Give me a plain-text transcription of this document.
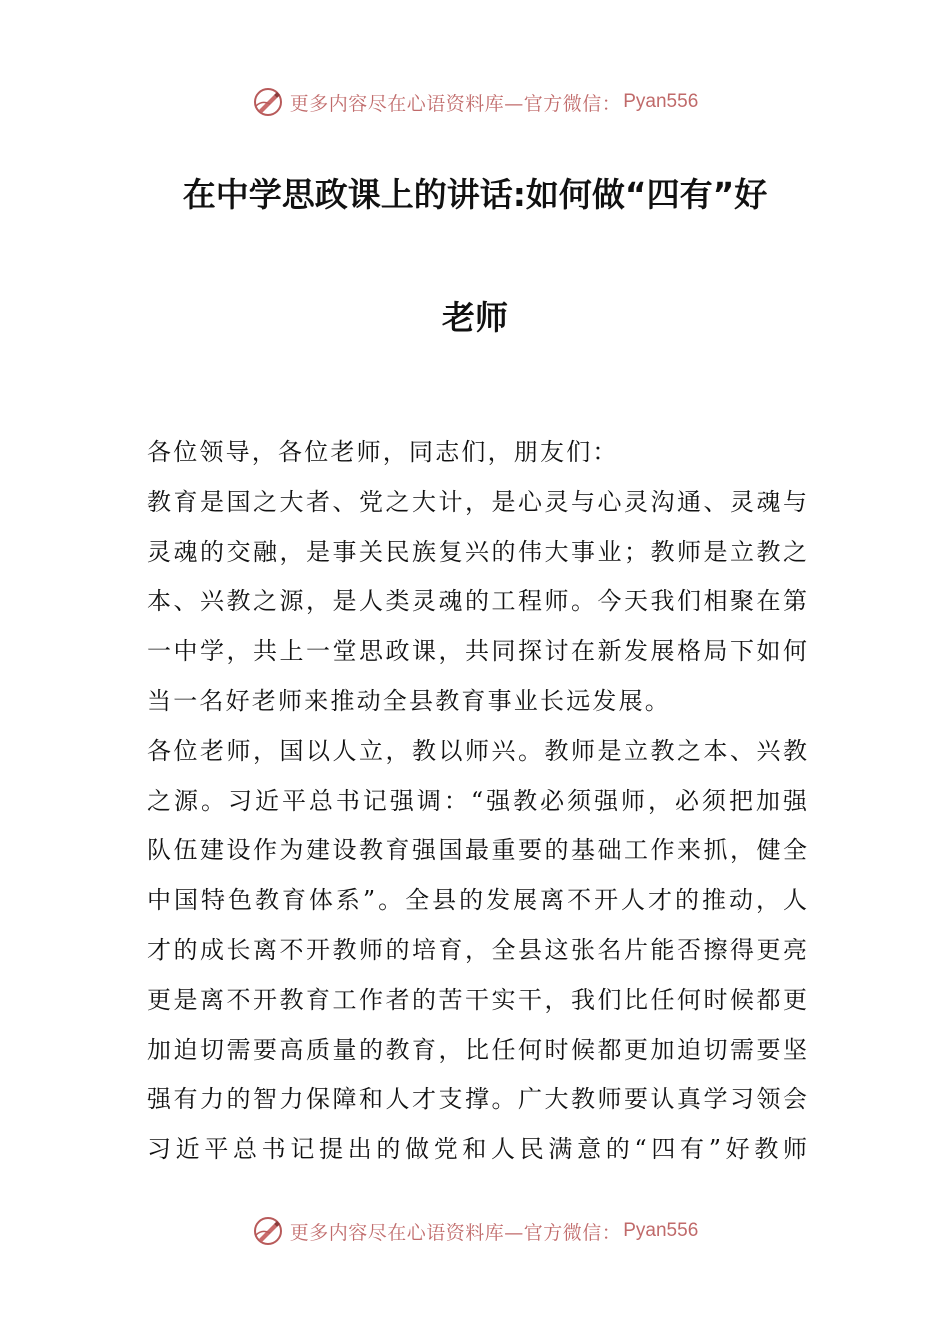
更多内容尽在心语资料库—官方微信： Pyan556
在中学思政课上的讲话:如何做“四有”好
老师
各位领导，各位老师，同志们，朋友们：
教育是国之大者、党之大计，是心灵与心灵沟通、灵魂与
灵魂的交融，是事关民族复兴的伟大事业；教师是立教之
本、兴教之源，是人类灵魂的工程师。今天我们相聚在第
一中学，共上一堂思政课，共同探讨在新发展格局下如何
当一名好老师来推动全县教育事业长远发展。
各位老师，国以人立，教以师兴。教师是立教之本、兴教
之源。习近平总书记强调：“强教必须强师，必须把加强
队伍建设作为建设教育强国最重要的基础工作来抓，健全
中国特色教育体系”。全县的发展离不开人才的推动，人
才的成长离不开教师的培育，全县这张名片能否擦得更亮
更是离不开教育工作者的苦干实干，我们比任何时候都更
加迫切需要高质量的教育，比任何时候都更加迫切需要坚
强有力的智力保障和人才支撑。广大教师要认真学习领会
习近平总书记提出的做党和人民满意的“四有”好教师
更多内容尽在心语资料库—官方微信： Pyan556
